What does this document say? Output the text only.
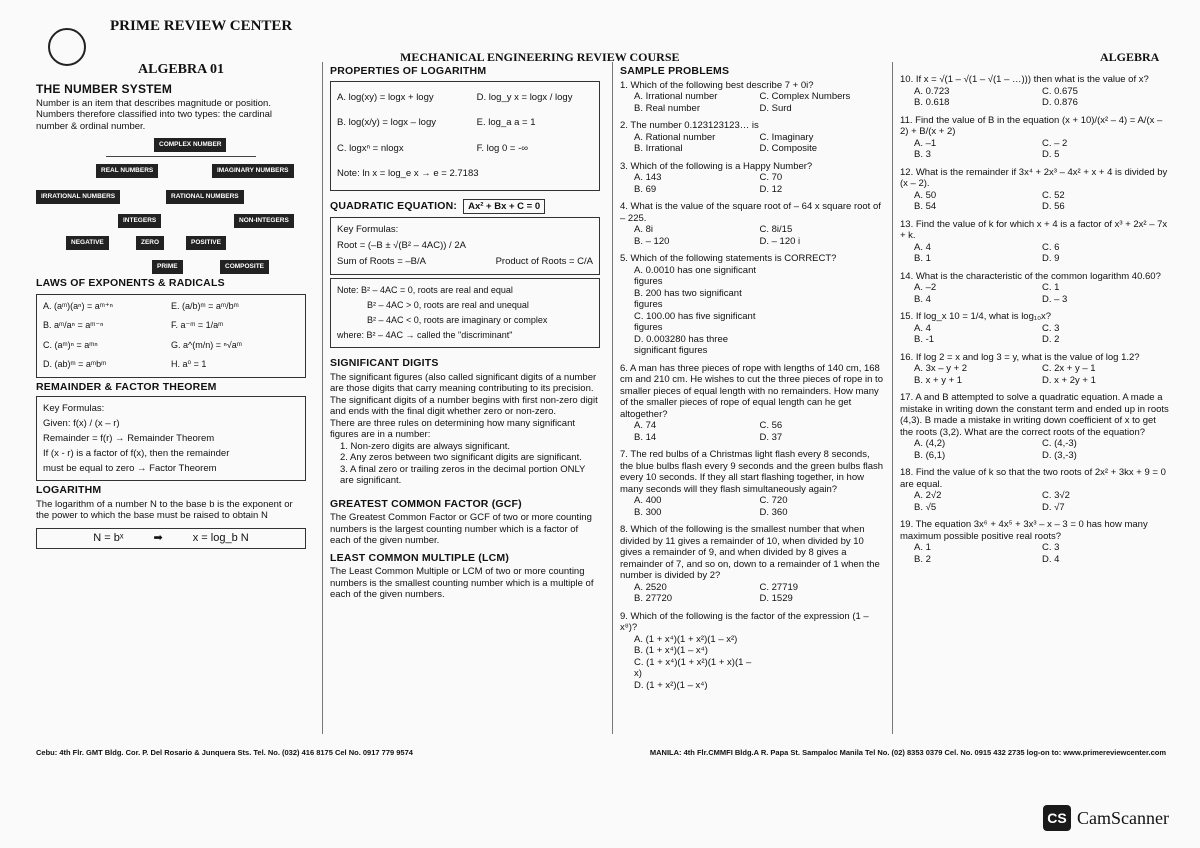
PRIME REVIEW CENTER
MECHANICAL ENGINEERING REVIEW COURSE	ALGEBRA
ALGEBRA 01
THE NUMBER SYSTEM
Number is an item that describes magnitude or position. Numbers therefore classified into two types: the cardinal number & ordinal number.
COMPLEX NUMBER
REAL NUMBERS	IMAGINARY NUMBERS
IRRATIONAL NUMBERS	RATIONAL NUMBERS
INTEGERS	NON-INTEGERS
NEGATIVE	ZERO	POSITIVE
PRIME	COMPOSITE
LAWS OF EXPONENTS & RADICALS
A. (aᵐ)(aⁿ) = aᵐ⁺ⁿ	E. (a/b)ᵐ = aᵐ/bᵐ
B. aᵐ/aⁿ = aᵐ⁻ⁿ	F. a⁻ᵐ = 1/aᵐ
C. (aᵐ)ⁿ = aᵐⁿ	G. a^(m/n) = ⁿ√aᵐ
D. (ab)ᵐ = aᵐbᵐ	H. a⁰ = 1
REMAINDER & FACTOR THEOREM
Key Formulas:
Given: f(x) / (x – r)
Remainder = f(r) → Remainder Theorem
If (x - r) is a factor of f(x), then the remainder
must be equal to zero → Factor Theorem
LOGARITHM
The logarithm of a number N to the base b is the exponent or the power to which the base must be raised to obtain N
N = bˣ	➡	x = log_b N
PROPERTIES OF LOGARITHM
A. log(xy) = logx + logy	D. log_y x = logx / logy
B. log(x/y) = logx – logy	E. log_a a = 1
C. logxⁿ = nlogx	F. log 0 = -∞
Note: ln x = log_e x → e = 2.7183
QUADRATIC EQUATION:	Ax² + Bx + C = 0
Key Formulas:
Root = (–B ± √(B² – 4AC)) / 2A
Sum of Roots = –B/A	Product of Roots = C/A
Note: B² – 4AC = 0, roots are real and equal
B² – 4AC > 0, roots are real and unequal
B² – 4AC < 0, roots are imaginary or complex
where: B² – 4AC → called the "discriminant"
SIGNIFICANT DIGITS
The significant figures (also called significant digits of a number are those digits that carry meaning contributing to its precision. The significant digits of a number begins with first non-zero digit and ends with the final digit whether zero or non-zero.
There are three rules on determining how many significant figures are in a number:
1. Non-zero digits are always significant.
2. Any zeros between two significant digits are significant.
3. A final zero or trailing zeros in the decimal portion ONLY are significant.
GREATEST COMMON FACTOR (GCF)
The Greatest Common Factor or GCF of two or more counting numbers is the largest counting number which is a factor of each of the given number.
LEAST COMMON MULTIPLE (LCM)
The Least Common Multiple or LCM of two or more counting numbers is the smallest counting number which is a multiple of each of the given numbers.
SAMPLE PROBLEMS
1. Which of the following best describe 7 + 0i?
A. Irrational number	C. Complex Numbers
B. Real number	D. Surd
2. The number 0.123123123… is
A. Rational number	C. Imaginary
B. Irrational	D. Composite
3. Which of the following is a Happy Number?
A. 143	C. 70
B. 69	D. 12
4. What is the value of the square root of – 64 x square root of – 225.
A. 8i	C. 8i/15
B. – 120	D. – 120 i
5. Which of the following statements is CORRECT?
A. 0.0010 has one significant figures
B. 200 has two significant figures
C. 100.00 has five significant figures
D. 0.003280 has three significant figures
6. A man has three pieces of rope with lengths of 140 cm, 168 cm and 210 cm. He wishes to cut the three pieces of rope in to smaller pieces of equal length with no remainders. How many of the smaller pieces of rope of equal length can he get altogether?
A. 74	C. 56
B. 14	D. 37
7. The red bulbs of a Christmas light flash every 8 seconds, the blue bulbs flash every 9 seconds and the green bulbs flash every 10 seconds. If they all start flashing together, in how many seconds will they flash simultaneously again?
A. 400	C. 720
B. 300	D. 360
8. Which of the following is the smallest number that when divided by 11 gives a remainder of 10, when divided by 10 gives a remainder of 9, and when divided by 8 gives a remainder of 7, and so on, down to a remainder of 1 when the number is divided by 2?
A. 2520	C. 27719
B. 27720	D. 1529
9. Which of the following is the factor of the expression (1 – x⁸)?
A. (1 + x⁴)(1 + x²)(1 – x²)
B. (1 + x⁴)(1 – x⁴)
C. (1 + x⁴)(1 + x²)(1 + x)(1 – x)
D. (1 + x²)(1 – x⁴)
10. If x = √(1 – √(1 – √(1 – …))) then what is the value of x?
A. 0.723	C. 0.675
B. 0.618	D. 0.876
11. Find the value of B in the equation (x + 10)/(x² – 4) = A/(x – 2) + B/(x + 2)
A. –1	C. – 2
B. 3	D. 5
12. What is the remainder if 3x⁴ + 2x³ – 4x² + x + 4 is divided by (x – 2).
A. 50	C. 52
B. 54	D. 56
13. Find the value of k for which x + 4 is a factor of x³ + 2x² – 7x + k.
A. 4	C. 6
B. 1	D. 9
14. What is the characteristic of the common logarithm 40.60?
A. –2	C. 1
B. 4	D. – 3
15. If log_x 10 = 1/4, what is log₁₀x?
A. 4	C. 3
B. -1	D. 2
16. If log 2 = x and log 3 = y, what is the value of log 1.2?
A. 3x – y + 2	C. 2x + y – 1
B. x + y + 1	D. x + 2y + 1
17. A and B attempted to solve a quadratic equation. A made a mistake in writing down the constant term and ended up in roots (4,3). B made a mistake in writing down coefficient of x to get the roots (3,2). What are the correct roots of the equation?
A. (4,2)	C. (4,-3)
B. (6,1)	D. (3,-3)
18. Find the value of k so that the two roots of 2x² + 3kx + 9 = 0 are equal.
A. 2√2	C. 3√2
B. √5	D. √7
19. The equation 3x⁶ + 4x⁵ + 3x³ – x – 3 = 0 has how many maximum possible positive real roots?
A. 1	C. 3
B. 2	D. 4
Cebu: 4th Flr. GMT Bldg. Cor. P. Del Rosario & Junquera Sts. Tel. No. (032) 416 8175 Cel No. 0917 779 9574	MANILA: 4th Flr.CMMFI Bldg.A R. Papa St. Sampaloc Manila Tel No. (02) 8353 0379 Cel. No. 0915 432 2735 log-on to: www.primereviewcenter.com
CS CamScanner
